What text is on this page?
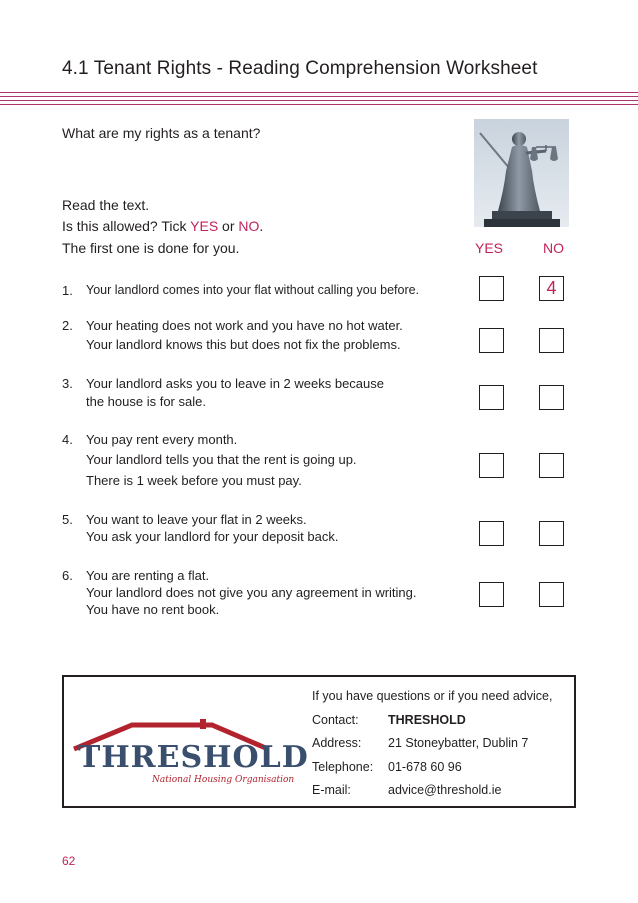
4.1 Tenant Rights - Reading Comprehension Worksheet
What are my rights as a tenant?
Read the text.
Is this allowed? Tick YES or NO.
The first one is done for you.	YES	NO
1. Your landlord comes into your flat without calling you before.	4
2. Your heating does not work and you have no hot water.
Your landlord knows this but does not fix the problems.
3. Your landlord asks you to leave in 2 weeks because
the house is for sale.
4. You pay rent every month.
Your landlord tells you that the rent is going up.
There is 1 week before you must pay.
5. You want to leave your flat in 2 weeks.
You ask your landlord for your deposit back.
6. You are renting a flat.
Your landlord does not give you any agreement in writing.
You have no rent book.
THRESHOLD
National Housing Organisation
If you have questions or if you need advice,
Contact: THRESHOLD
Address: 21 Stoneybatter, Dublin 7
Telephone: 01-678 60 96
E-mail:	advice@threshold.ie
62
